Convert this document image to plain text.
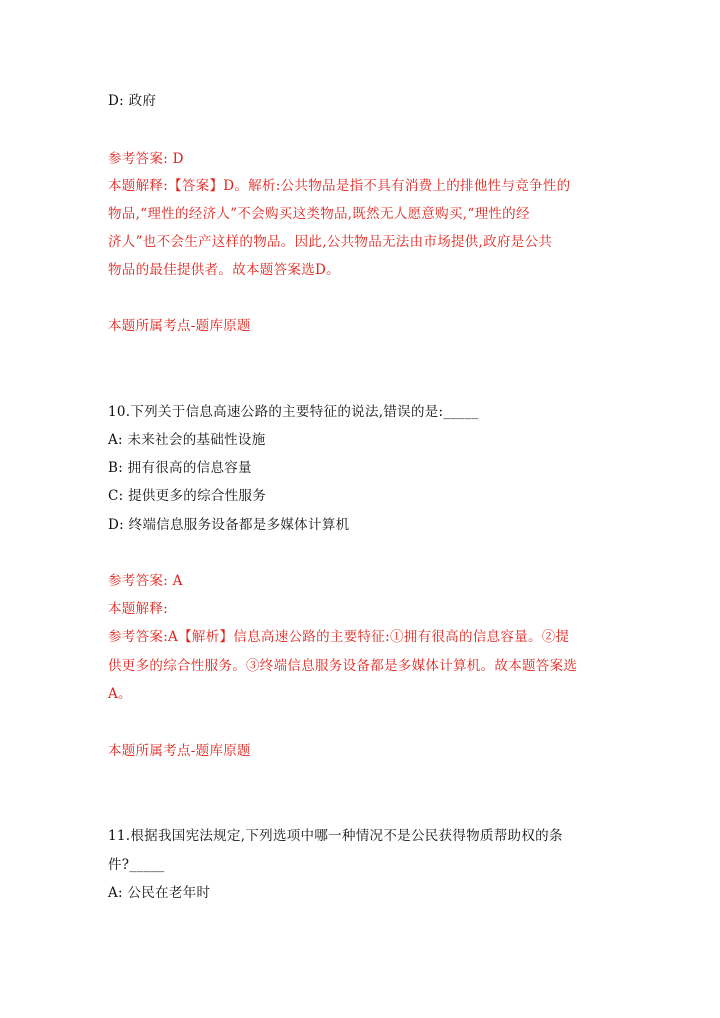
D: 政府
参考答案: D
本题解释:【答案】D。解析:公共物品是指不具有消费上的排他性与竞争性的
物品,“理性的经济人”不会购买这类物品,既然无人愿意购买,“理性的经
济人”也不会生产这样的物品。因此,公共物品无法由市场提供,政府是公共
物品的最佳提供者。故本题答案选D。
本题所属考点-题库原题
10.下列关于信息高速公路的主要特征的说法,错误的是:_____
A: 未来社会的基础性设施
B: 拥有很高的信息容量
C: 提供更多的综合性服务
D: 终端信息服务设备都是多媒体计算机
参考答案: A
本题解释:
参考答案:A【解析】信息高速公路的主要特征:①拥有很高的信息容量。②提
供更多的综合性服务。③终端信息服务设备都是多媒体计算机。故本题答案选
A。
本题所属考点-题库原题
11.根据我国宪法规定,下列选项中哪一种情况不是公民获得物质帮助权的条
件?_____
A: 公民在老年时
